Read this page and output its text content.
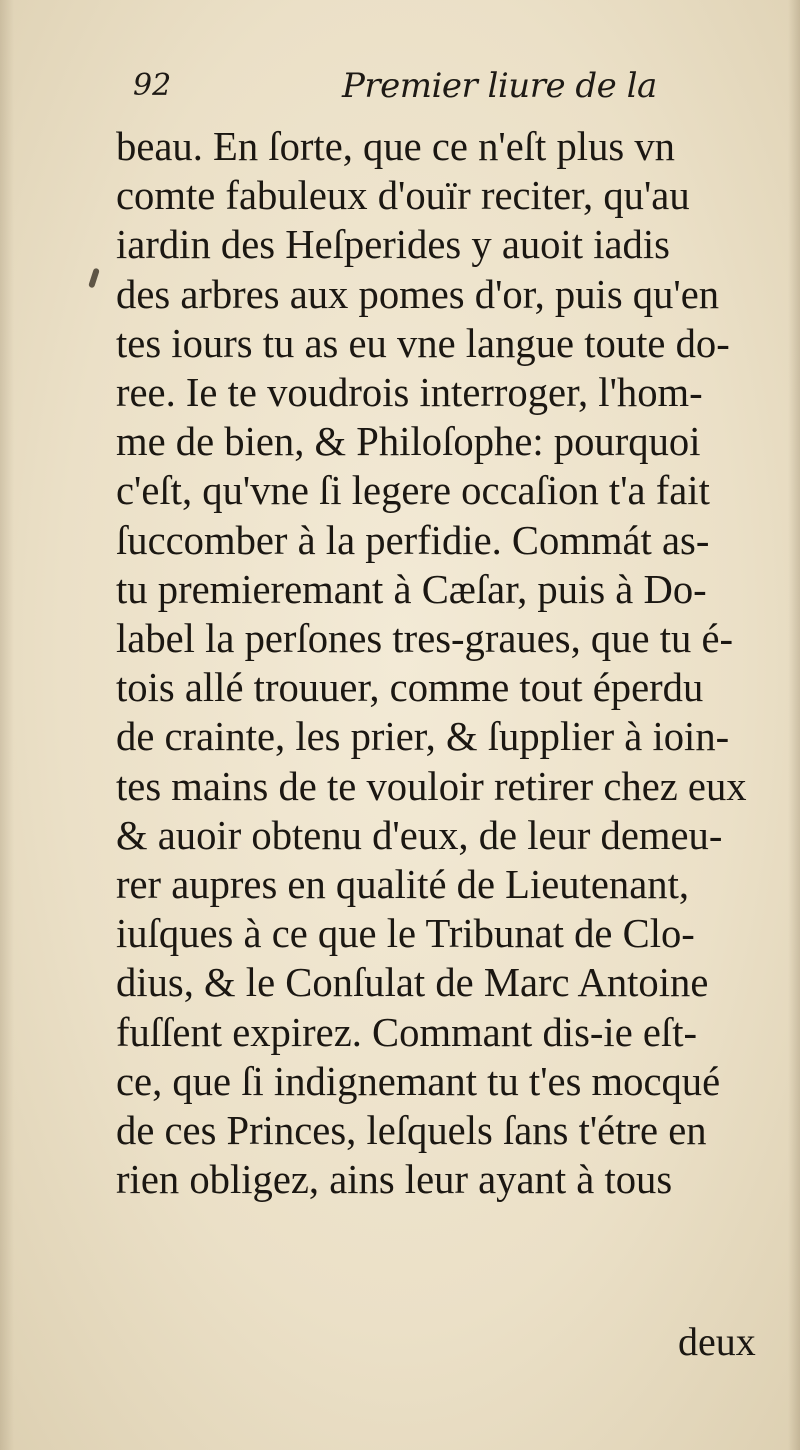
92	Premier liure de la
beau. En ſorte, que ce n'eſt plus vn
comte fabuleux d'ouïr reciter, qu'au
iardin des Heſperides y auoit iadis
des arbres aux pomes d'or, puis qu'en
tes iours tu as eu vne langue toute do-
ree. Ie te voudrois interroger, l'hom-
me de bien, & Philoſophe: pourquoi
c'eſt, qu'vne ſi legere occaſion t'a fait
ſuccomber à la perfidie. Commát as-
tu premieremant à Cæſar, puis à Do-
label la perſones tres-graues, que tu é-
tois allé trouuer, comme tout éperdu
de crainte, les prier, & ſupplier à ioin-
tes mains de te vouloir retirer chez eux
& auoir obtenu d'eux, de leur demeu-
rer aupres en qualité de Lieutenant,
iuſques à ce que le Tribunat de Clo-
dius, & le Conſulat de Marc Antoine
fuſſent expirez. Commant dis-ie eſt-
ce, que ſi indignemant tu t'es mocqué
de ces Princes, leſquels ſans t'étre en
rien obligez, ains leur ayant à tous
deux
